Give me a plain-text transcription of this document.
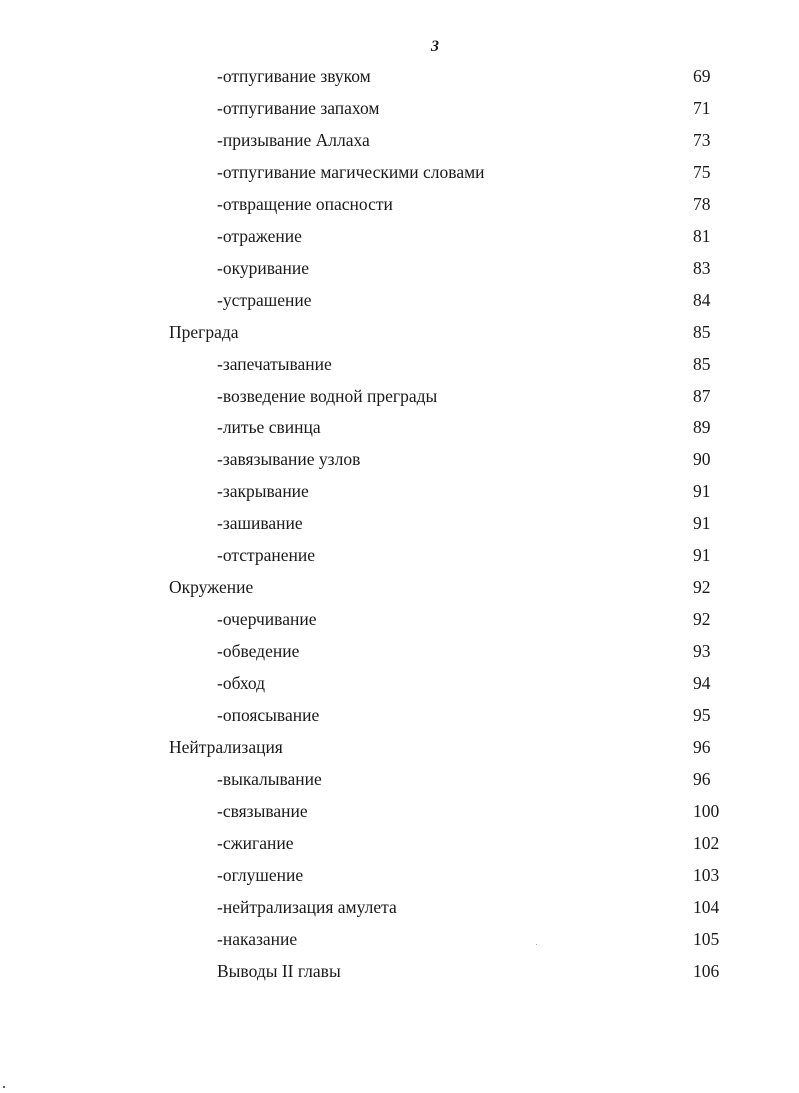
3
-отпугивание звуком	69
-отпугивание запахом	71
-призывание Аллаха	73
-отпугивание магическими словами	75
-отвращение опасности	78
-отражение	81
-окуривание	83
-устрашение	84
Преграда	85
-запечатывание	85
-возведение водной преграды	87
-литье свинца	89
-завязывание узлов	90
-закрывание	91
-зашивание	91
-отстранение	91
Окружение	92
-очерчивание	92
-обведение	93
-обход	94
-опоясывание	95
Нейтрализация	96
-выкалывание	96
-связывание	100
-сжигание	102
-оглушение	103
-нейтрализация амулета	104
-наказание	105
Выводы II главы	106
